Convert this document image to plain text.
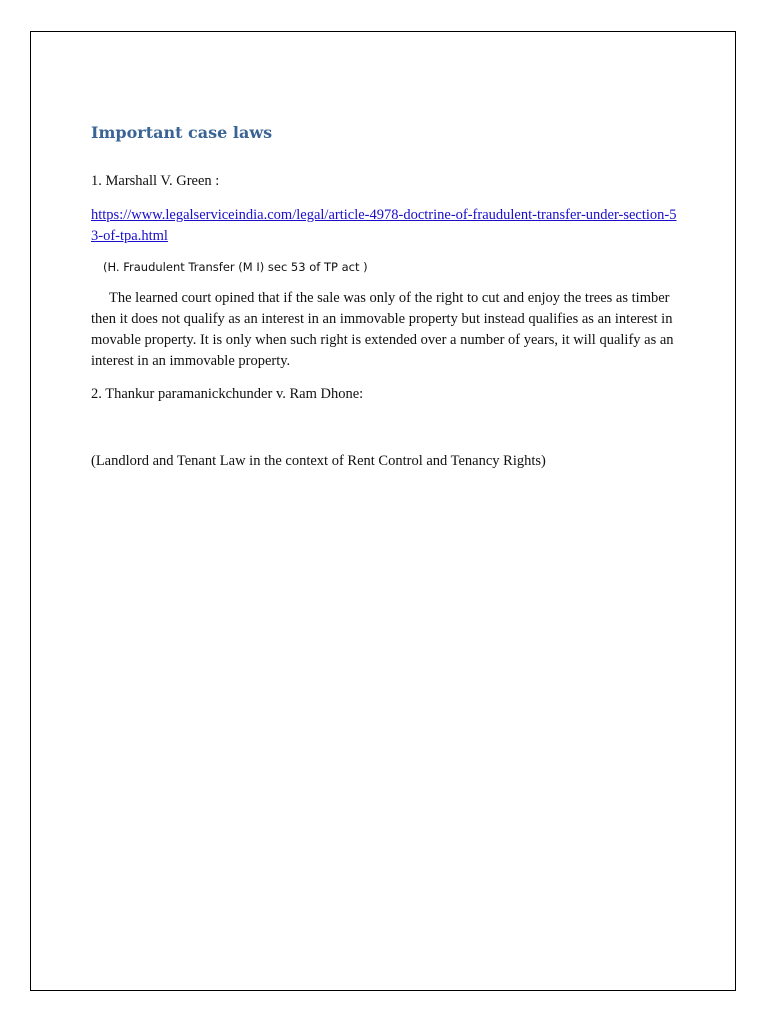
Important case laws

1. Marshall V. Green :

https://www.legalserviceindia.com/legal/article-4978-doctrine-of-fraudulent-transfer-under-section-53-of-tpa.html

(H. Fraudulent Transfer (M I) sec 53 of TP act )

The learned court opined that if the sale was only of the right to cut and enjoy the trees as timber then it does not qualify as an interest in an immovable property but instead qualifies as an interest in movable property. It is only when such right is extended over a number of years, it will qualify as an interest in an immovable property.

2. Thankur paramanickchunder v. Ram Dhone:

(Landlord and Tenant Law in the context of Rent Control and Tenancy Rights)
